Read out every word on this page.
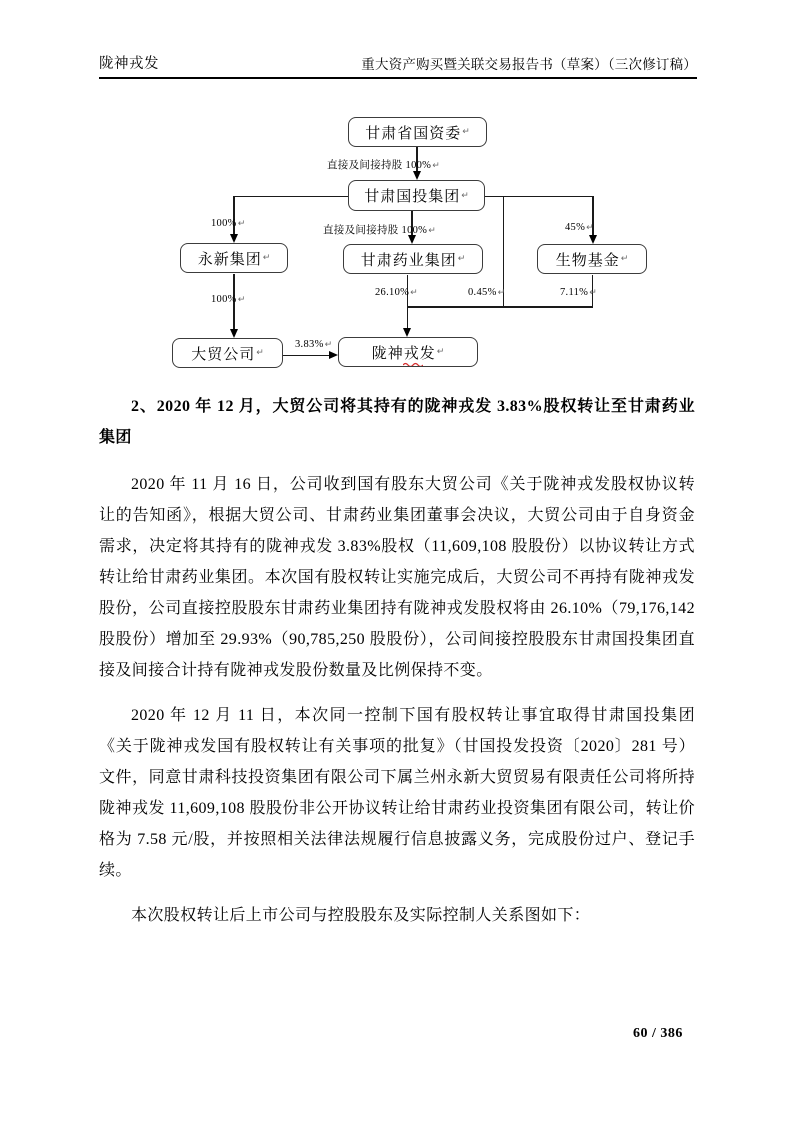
陇神戎发	重大资产购买暨关联交易报告书（草案）（三次修订稿）
直接及间接持股 100%↵
100%↵
直接及间接持股 100%↵	45%↵
0.45%↵	7.11%↵
26.10%↵
100%↵
3.83%↵
甘肃省国资委 ↵
甘肃国投集团 ↵
永新集团 ↵	甘肃药业集团 ↵	生物基金 ↵
大贸公司 ↵	陇神戎发 ↵

2、2020 年 12 月，大贸公司将其持有的陇神戎发 3.83%股权转让至甘肃药业集团

2020 年 11 月 16 日，公司收到国有股东大贸公司《关于陇神戎发股权协议转让的告知函》，根据大贸公司、甘肃药业集团董事会决议，大贸公司由于自身资金需求，决定将其持有的陇神戎发 3.83%股权（11,609,108 股股份）以协议转让方式转让给甘肃药业集团。本次国有股权转让实施完成后，大贸公司不再持有陇神戎发股份，公司直接控股股东甘肃药业集团持有陇神戎发股权将由 26.10%（79,176,142 股股份）增加至 29.93%（90,785,250 股股份），公司间接控股股东甘肃国投集团直接及间接合计持有陇神戎发股份数量及比例保持不变。

2020 年 12 月 11 日，本次同一控制下国有股权转让事宜取得甘肃国投集团《关于陇神戎发国有股权转让有关事项的批复》（甘国投发投资〔2020〕281 号）文件，同意甘肃科技投资集团有限公司下属兰州永新大贸贸易有限责任公司将所持陇神戎发 11,609,108 股股份非公开协议转让给甘肃药业投资集团有限公司，转让价格为 7.58 元/股，并按照相关法律法规履行信息披露义务，完成股份过户、登记手续。

本次股权转让后上市公司与控股股东及实际控制人关系图如下：

60 / 386
